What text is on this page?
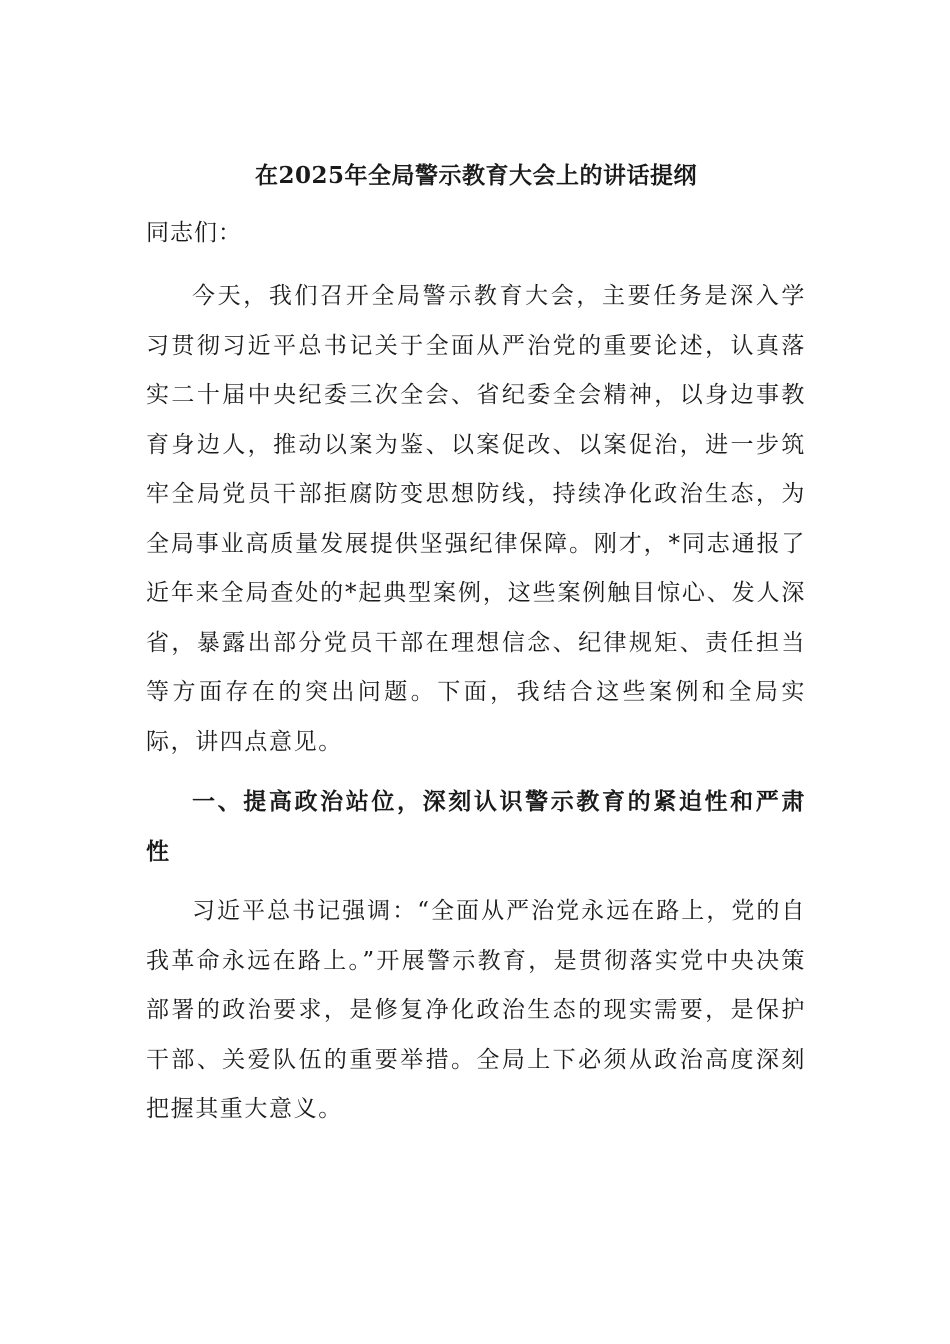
在2025年全局警示教育大会上的讲话提纲
同志们：
今天，我们召开全局警示教育大会，主要任务是深入学习贯彻习近平总书记关于全面从严治党的重要论述，认真落实二十届中央纪委三次全会、省纪委全会精神，以身边事教育身边人，推动以案为鉴、以案促改、以案促治，进一步筑牢全局党员干部拒腐防变思想防线，持续净化政治生态，为全局事业高质量发展提供坚强纪律保障。刚才，*同志通报了近年来全局查处的*起典型案例，这些案例触目惊心、发人深省，暴露出部分党员干部在理想信念、纪律规矩、责任担当等方面存在的突出问题。下面，我结合这些案例和全局实际，讲四点意见。
一、提高政治站位，深刻认识警示教育的紧迫性和严肃性
习近平总书记强调：“全面从严治党永远在路上，党的自我革命永远在路上。”开展警示教育，是贯彻落实党中央决策部署的政治要求，是修复净化政治生态的现实需要，是保护干部、关爱队伍的重要举措。全局上下必须从政治高度深刻把握其重大意义。
